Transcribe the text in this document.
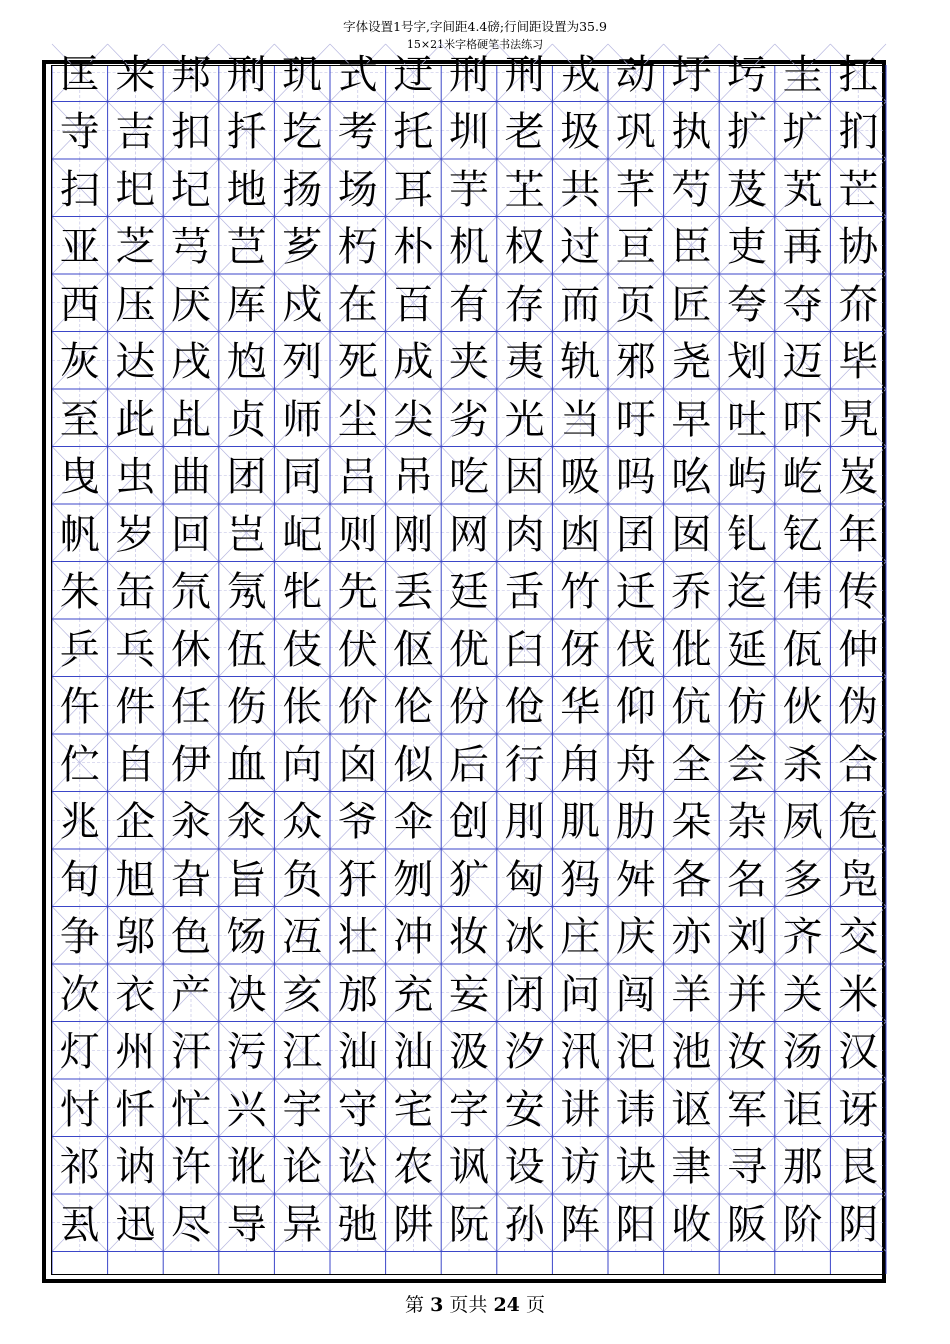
字体设置1号字,字间距4.4磅;行间距设置为35.9
15×21米字格硬笔书法练习
匡 来 邦 刑 玑 式 迂 刑 刑 戎 动 圩 圬 圭 扛
寺 吉 扣 扦 圪 考 托 圳 老 圾 巩 执 扩 圹 扪
扫 圯 圮 地 扬 场 耳 芋 芏 共 芊 芍 芨 芄 芒
亚 芝 芎 芑 芗 朽 朴 机 权 过 亘 臣 吏 再 协
西 压 厌 厍 戍 在 百 有 存 而 页 匠 夸 夺 夼
灰 达 戌 尥 列 死 成 夹 夷 轨 邪 尧 划 迈 毕
至 此 乩 贞 师 尘 尖 劣 光 当 吁 早 吐 吓 旯
曳 虫 曲 团 同 吕 吊 吃 因 吸 吗 吆 屿 屹 岌
帆 岁 回 岂 屺 则 刚 网 肉 凼 囝 囡 钆 钇 年
朱 缶 氘 氖 牝 先 丢 廷 舌 竹 迁 乔 迄 伟 传
乒 乓 休 伍 伎 伏 伛 优 臼 伢 伐 仳 延 佤 仲
仵 件 任 伤 伥 价 伦 份 伧 华 仰 伉 仿 伙 伪
伫 自 伊 血 向 囟 似 后 行 甪 舟 全 会 杀 合
兆 企 汆 氽 众 爷 伞 创 刖 肌 肋 朵 杂 夙 危
旬 旭 旮 旨 负 犴 刎 犷 匈 犸 舛 各 名 多 凫
争 邬 色 饧 冱 壮 冲 妆 冰 庄 庆 亦 刘 齐 交
次 衣 产 决 亥 邡 充 妄 闭 问 闯 羊 并 关 米
灯 州 汗 污 江 汕 汕 汲 汐 汛 汜 池 汝 汤 汉
忖 忏 忙 兴 宇 守 宅 字 安 讲 讳 讴 军 讵 讶
祁 讷 许 讹 论 讼 农 讽 设 访 诀 聿 寻 那 艮
厾 迅 尽 导 异 弛 阱 阮 孙 阵 阳 收 阪 阶 阴
第 3 页共 24 页
